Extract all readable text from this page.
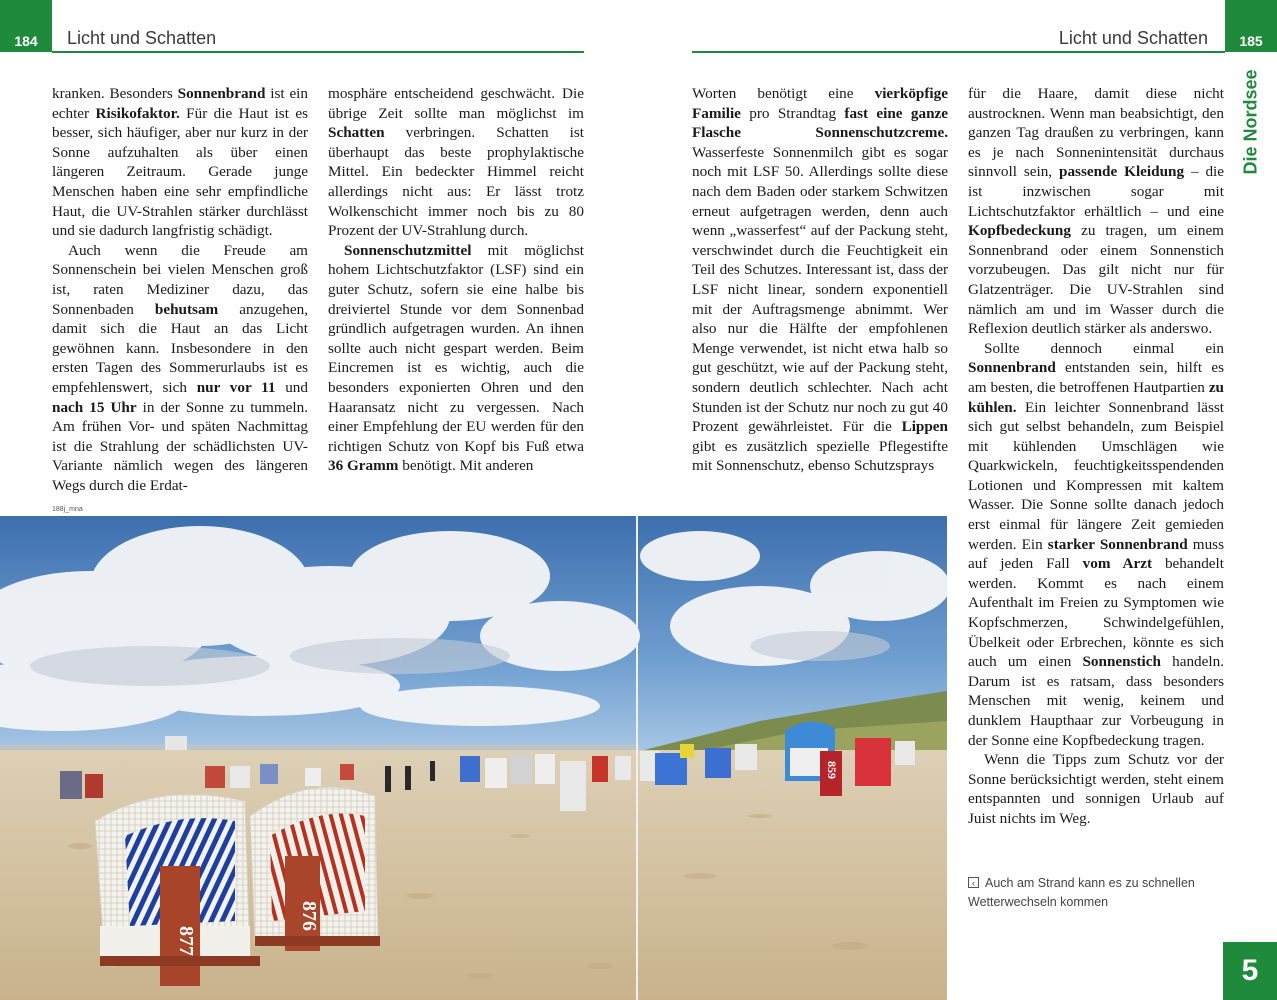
184 Licht und Schatten	Licht und Schatten 185
Die Nordsee

kranken. Besonders Sonnenbrand ist ein echter Risikofaktor. Für die Haut ist es besser, sich häufiger, aber nur kurz in der Sonne aufzuhalten als über einen längeren Zeitraum. Gerade junge Menschen haben eine sehr empfindliche Haut, die UV-Strahlen stärker durchlässt und sie dadurch langfristig schädigt.

Auch wenn die Freude am Sonnenschein bei vielen Menschen groß ist, raten Mediziner dazu, das Sonnenbaden behutsam anzugehen, damit sich die Haut an das Licht gewöhnen kann. Insbesondere in den ersten Tagen des Sommerurlaubs ist es empfehlenswert, sich nur vor 11 und nach 15 Uhr in der Sonne zu tummeln. Am frühen Vor- und späten Nachmittag ist die Strahlung der schädlichsten UV-Variante nämlich wegen des längeren Wegs durch die Erdat-

mosphäre entscheidend geschwächt. Die übrige Zeit sollte man möglichst im Schatten verbringen. Schatten ist überhaupt das beste prophylaktische Mittel. Ein bedeckter Himmel reicht allerdings nicht aus: Er lässt trotz Wolkenschicht immer noch bis zu 80 Prozent der UV-Strahlung durch.

Sonnenschutzmittel mit möglichst hohem Lichtschutzfaktor (LSF) sind ein guter Schutz, sofern sie eine halbe bis dreiviertel Stunde vor dem Sonnenbad gründlich aufgetragen wurden. An ihnen sollte auch nicht gespart werden. Beim Eincremen ist es wichtig, auch die besonders exponierten Ohren und den Haaransatz nicht zu vergessen. Nach einer Empfehlung der EU werden für den richtigen Schutz von Kopf bis Fuß etwa 36 Gramm benötigt. Mit anderen

Worten benötigt eine vierköpfige Familie pro Strandtag fast eine ganze Flasche Sonnenschutzcreme. Wasserfeste Sonnenmilch gibt es sogar noch mit LSF 50. Allerdings sollte diese nach dem Baden oder starkem Schwitzen erneut aufgetragen werden, denn auch wenn „wasserfest“ auf der Packung steht, verschwindet durch die Feuchtigkeit ein Teil des Schutzes. Interessant ist, dass der LSF nicht linear, sondern exponentiell mit der Auftragsmenge abnimmt. Wer also nur die Hälfte der empfohlenen Menge verwendet, ist nicht etwa halb so gut geschützt, wie auf der Packung steht, sondern deutlich schlechter. Nach acht Stunden ist der Schutz nur noch zu gut 40 Prozent gewährleistet. Für die Lippen gibt es zusätzlich spezielle Pflegestifte mit Sonnenschutz, ebenso Schutzsprays

für die Haare, damit diese nicht austrocknen. Wenn man beabsichtigt, den ganzen Tag draußen zu verbringen, kann es je nach Sonnenintensität durchaus sinnvoll sein, passende Kleidung – die ist inzwischen sogar mit Lichtschutzfaktor erhältlich – und eine Kopfbedeckung zu tragen, um einem Sonnenbrand oder einem Sonnenstich vorzubeugen. Das gilt nicht nur für Glatzenträger. Die UV-Strahlen sind nämlich am und im Wasser durch die Reflexion deutlich stärker als anderswo.

Sollte dennoch einmal ein Sonnenbrand entstanden sein, hilft es am besten, die betroffenen Hautpartien zu kühlen. Ein leichter Sonnenbrand lässt sich gut selbst behandeln, zum Beispiel mit kühlenden Umschlägen wie Quarkwickeln, feuchtigkeitsspendenden Lotionen und Kompressen mit kaltem Wasser. Die Sonne sollte danach jedoch erst einmal für längere Zeit gemieden werden. Ein starker Sonnenbrand muss auf jeden Fall vom Arzt behandelt werden. Kommt es nach einem Aufenthalt im Freien zu Symptomen wie Kopfschmerzen, Schwindelgefühlen, Übelkeit oder Erbrechen, könnte es sich auch um einen Sonnenstich handeln. Darum ist es ratsam, dass besonders Menschen mit wenig, keinem und dunklem Haupthaar zur Vorbeugung in der Sonne eine Kopfbedeckung tragen.

Wenn die Tipps zum Schutz vor der Sonne berücksichtigt werden, steht einem entspannten und sonnigen Urlaub auf Juist nichts im Weg.

188j_mna
877
876
859
‹ Auch am Strand kann es zu schnellen Wetterwechseln kommen
5
